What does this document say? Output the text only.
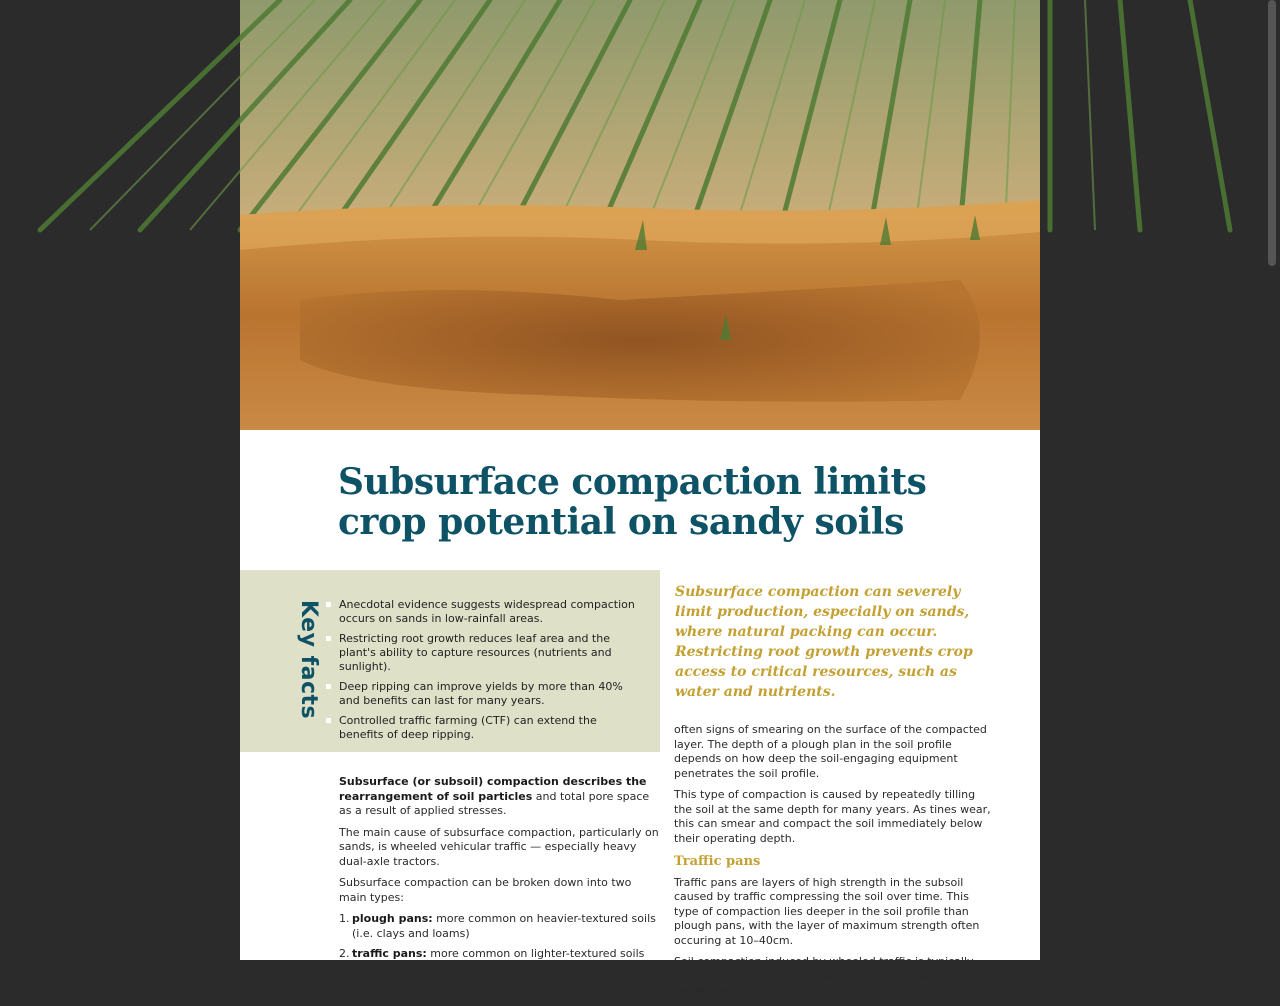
Subsurface compaction limits
crop potential on sandy soils
Key facts	Anecdotal evidence suggests widespread compaction occurs on sands in low-rainfall areas.
Restricting root growth reduces leaf area and the plant's ability to capture resources (nutrients and sunlight).
Deep ripping can improve yields by more than 40% and benefits can last for many years.
Controlled traffic farming (CTF) can extend the benefits of deep ripping.

Subsurface compaction can severely limit production, especially on sands, where natural packing can occur. Restricting root growth prevents crop access to critical resources, such as water and nutrients.

Subsurface (or subsoil) compaction describes the rearrangement of soil particles and total pore space as a result of applied stresses.

The main cause of subsurface compaction, particularly on sands, is wheeled vehicular traffic — especially heavy dual-axle tractors.

Subsurface compaction can be broken down into two main types:

1. plough pans: more common on heavier-textured soils (i.e. clays and loams)
2. traffic pans: more common on lighter-textured soils

often signs of smearing on the surface of the compacted layer. The depth of a plough plan in the soil profile depends on how deep the soil-engaging equipment penetrates the soil profile.

This type of compaction is caused by repeatedly tilling the soil at the same depth for many years. As tines wear, this can smear and compact the soil immediately below their operating depth.

Traffic pans

Traffic pans are layers of high strength in the subsoil caused by traffic compressing the soil over time. This type of compaction lies deeper in the soil profile than plough pans, with the layer of maximum strength often occuring at 10–40cm.

Soil compaction induced by wheeled traffic is typically apparent at around 15cm below the soil surface, but can be deeper in sandy soils.
